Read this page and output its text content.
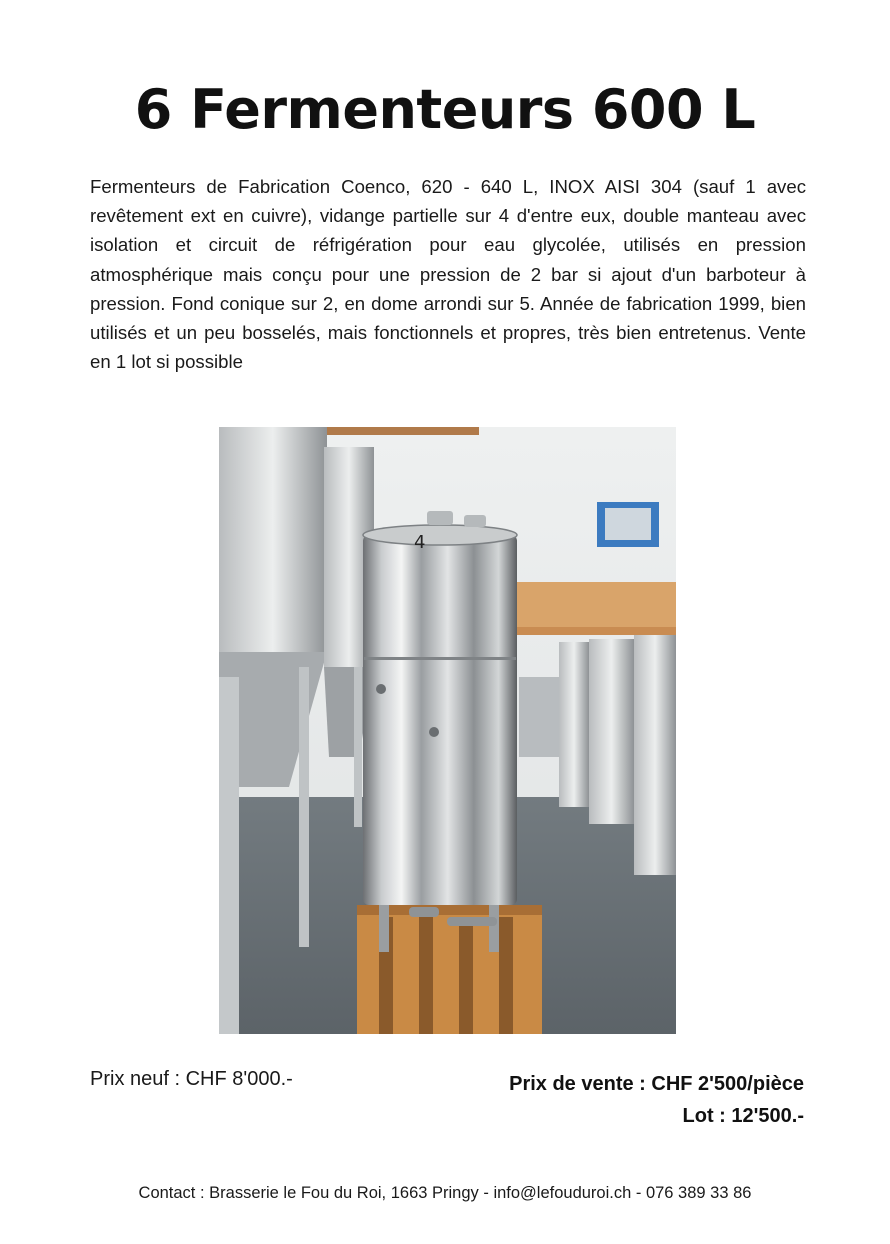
6 Fermenteurs 600 L

Fermenteurs de Fabrication Coenco, 620 - 640 L, INOX AISI 304 (sauf 1 avec revêtement ext en cuivre), vidange partielle sur 4 d'entre eux, double manteau avec isolation et circuit de réfrigération pour eau glycolée, utilisés en pression atmosphérique mais conçu pour une pression de 2 bar si ajout d'un barboteur à pression. Fond conique sur 2, en dome arrondi sur 5. Année de fabrication 1999, bien utilisés et un peu bosselés, mais fonctionnels et propres, très bien entretenus. Vente en 1 lot si possible

4
Prix neuf : CHF 8'000.-	Prix de vente : CHF 2'500/pièce
Lot : 12'500.-
Contact : Brasserie le Fou du Roi, 1663 Pringy - info@lefouduroi.ch - 076 389 33 86
